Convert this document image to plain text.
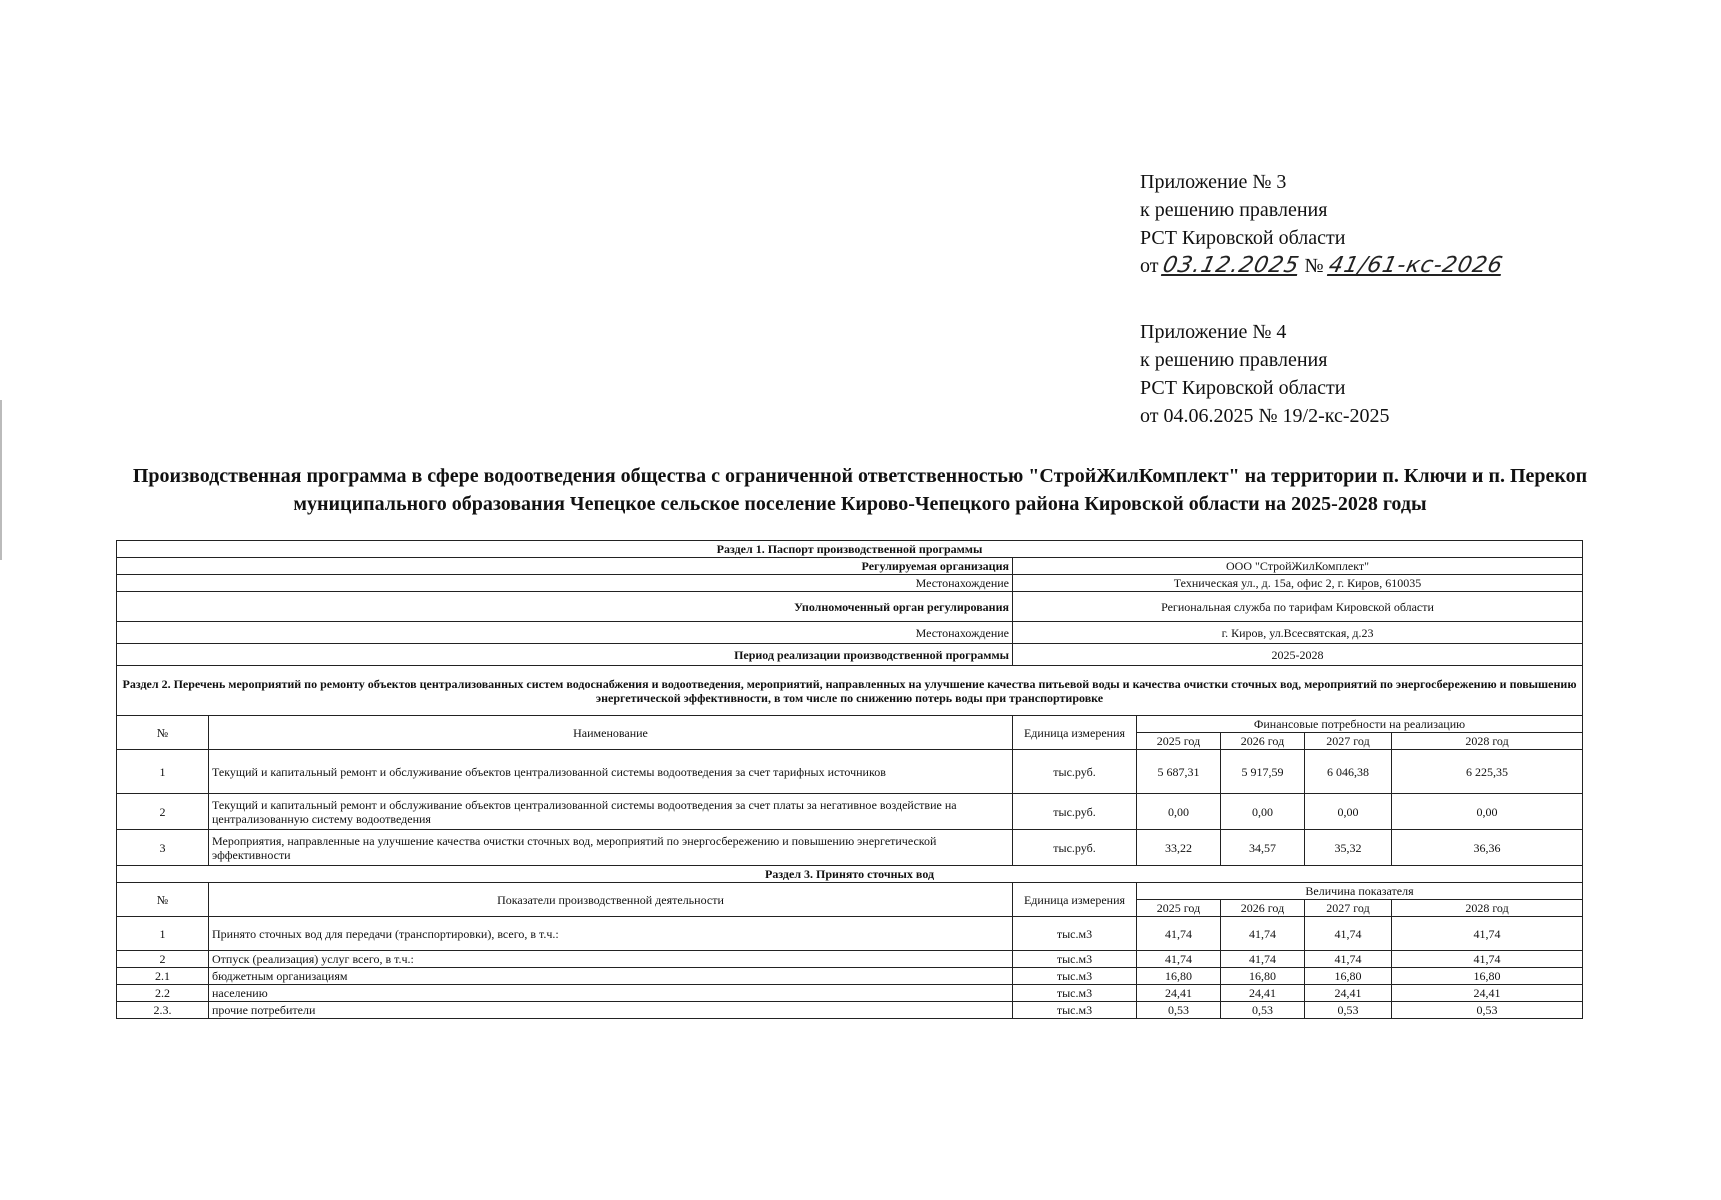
Приложение № 3
к решению правления
РСТ Кировской области
от 03.12.2025 № 41/61-кс-2026
Приложение № 4
к решению правления
РСТ Кировской области
от 04.06.2025 № 19/2-кс-2025
Производственная программа в сфере водоотведения общества с ограниченной ответственностью "СтройЖилКомплект" на территории п. Ключи и п. Перекоп муниципального образования Чепецкое сельское поселение Кирово-Чепецкого района Кировской области на 2025-2028 годы
Раздел 1. Паспорт производственной программы						
Регулируемая организация		ООО "СтройЖилКомплект"				
Местонахождение		Техническая ул., д. 15а, офис 2, г. Киров, 610035				
Уполномоченный орган регулирования		Региональная служба по тарифам Кировской области				
Местонахождение		г. Киров, ул.Всесвятская, д.23				
Период реализации производственной программы		2025-2028				
Раздел 2. Перечень мероприятий по ремонту объектов централизованных систем водоснабжения и водоотведения, мероприятий, направленных на улучшение качества питьевой воды и качества очистки сточных вод, мероприятий по энергосбережению и повышению энергетической эффективности, в том числе по снижению потерь воды при транспортировке						
№	Наименование	Единица измерения	Финансовые потребности на реализацию			
			2025 год	2026 год	2027 год	2028 год
1	Текущий и капитальный ремонт и обслуживание объектов централизованной системы водоотведения за счет тарифных источников	тыс.руб.	5 687,31	5 917,59	6 046,38	6 225,35
2	Текущий и капитальный ремонт и обслуживание объектов централизованной системы водоотведения за счет платы за негативное воздействие на централизованную систему водоотведения	тыс.руб.	0,00	0,00	0,00	0,00
3	Мероприятия, направленные на улучшение качества очистки сточных вод, мероприятий по энергосбережению и повышению энергетической эффективности	тыс.руб.	33,22	34,57	35,32	36,36
Раздел 3. Принято сточных вод						
№	Показатели производственной деятельности	Единица измерения	Величина показателя			
			2025 год	2026 год	2027 год	2028 год
1	Принято сточных вод для передачи (транспортировки), всего, в т.ч.:	тыс.м3	41,74	41,74	41,74	41,74
2	Отпуск (реализация) услуг всего, в т.ч.:	тыс.м3	41,74	41,74	41,74	41,74
2.1	бюджетным организациям	тыс.м3	16,80	16,80	16,80	16,80
2.2	населению	тыс.м3	24,41	24,41	24,41	24,41
2.3.	прочие потребители	тыс.м3	0,53	0,53	0,53	0,53
